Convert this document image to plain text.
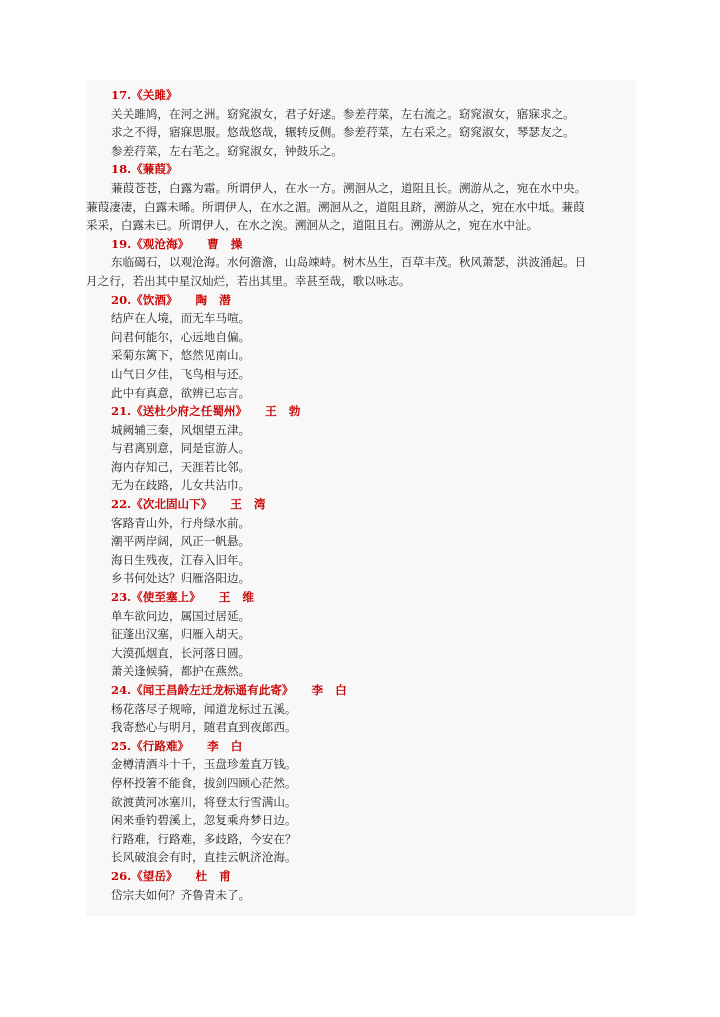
17.《关雎》
关关雎鸠，在河之洲。窈窕淑女，君子好逑。参差荇菜，左右流之。窈窕淑女，寤寐求之。
求之不得，寤寐思服。悠哉悠哉，辗转反侧。参差荇菜，左右采之。窈窕淑女，琴瑟友之。
参差荇菜，左右芼之。窈窕淑女，钟鼓乐之。
18.《蒹葭》
蒹葭苍苍，白露为霜。所谓伊人，在水一方。溯洄从之，道阻且长。溯游从之，宛在水中央。
蒹葭凄凄，白露未晞。所谓伊人，在水之湄。溯洄从之，道阻且跻，溯游从之，宛在水中坻。蒹葭
采采，白露未已。所谓伊人，在水之涘。溯洄从之，道阻且右。溯游从之，宛在水中沚。
19.《观沧海》 曹操
东临碣石，以观沧海。水何澹澹，山岛竦峙。树木丛生，百草丰茂。秋风萧瑟，洪波涌起。日
月之行，若出其中星汉灿烂，若出其里。幸甚至哉，歌以咏志。
20.《饮酒》 陶潜
结庐在人境，而无车马喧。
问君何能尔，心远地自偏。
采菊东篱下，悠然见南山。
山气日夕佳，飞鸟相与还。
此中有真意，欲辨已忘言。
21.《送杜少府之任蜀州》 王勃
城阙辅三秦，风烟望五津。
与君离别意，同是宦游人。
海内存知己，天涯若比邻。
无为在歧路，儿女共沾巾。
22.《次北固山下》 王湾
客路青山外，行舟绿水前。
潮平两岸阔，风正一帆悬。
海日生残夜，江春入旧年。
乡书何处达？归雁洛阳边。
23.《使至塞上》 王维
单车欲问边，属国过居延。
征蓬出汉塞，归雁入胡天。
大漠孤烟直，长河落日圆。
萧关逢候骑，都护在燕然。
24.《闻王昌龄左迁龙标遥有此寄》 李白
杨花落尽子规啼，闻道龙标过五溪。
我寄愁心与明月，随君直到夜郎西。
25.《行路难》 李白
金樽清酒斗十千，玉盘珍羞直万钱。
停杯投箸不能食，拔剑四顾心茫然。
欲渡黄河冰塞川，将登太行雪满山。
闲来垂钓碧溪上，忽复乘舟梦日边。
行路难，行路难，多歧路，今安在？
长风破浪会有时，直挂云帆济沧海。
26.《望岳》 杜甫
岱宗夫如何？齐鲁青未了。
